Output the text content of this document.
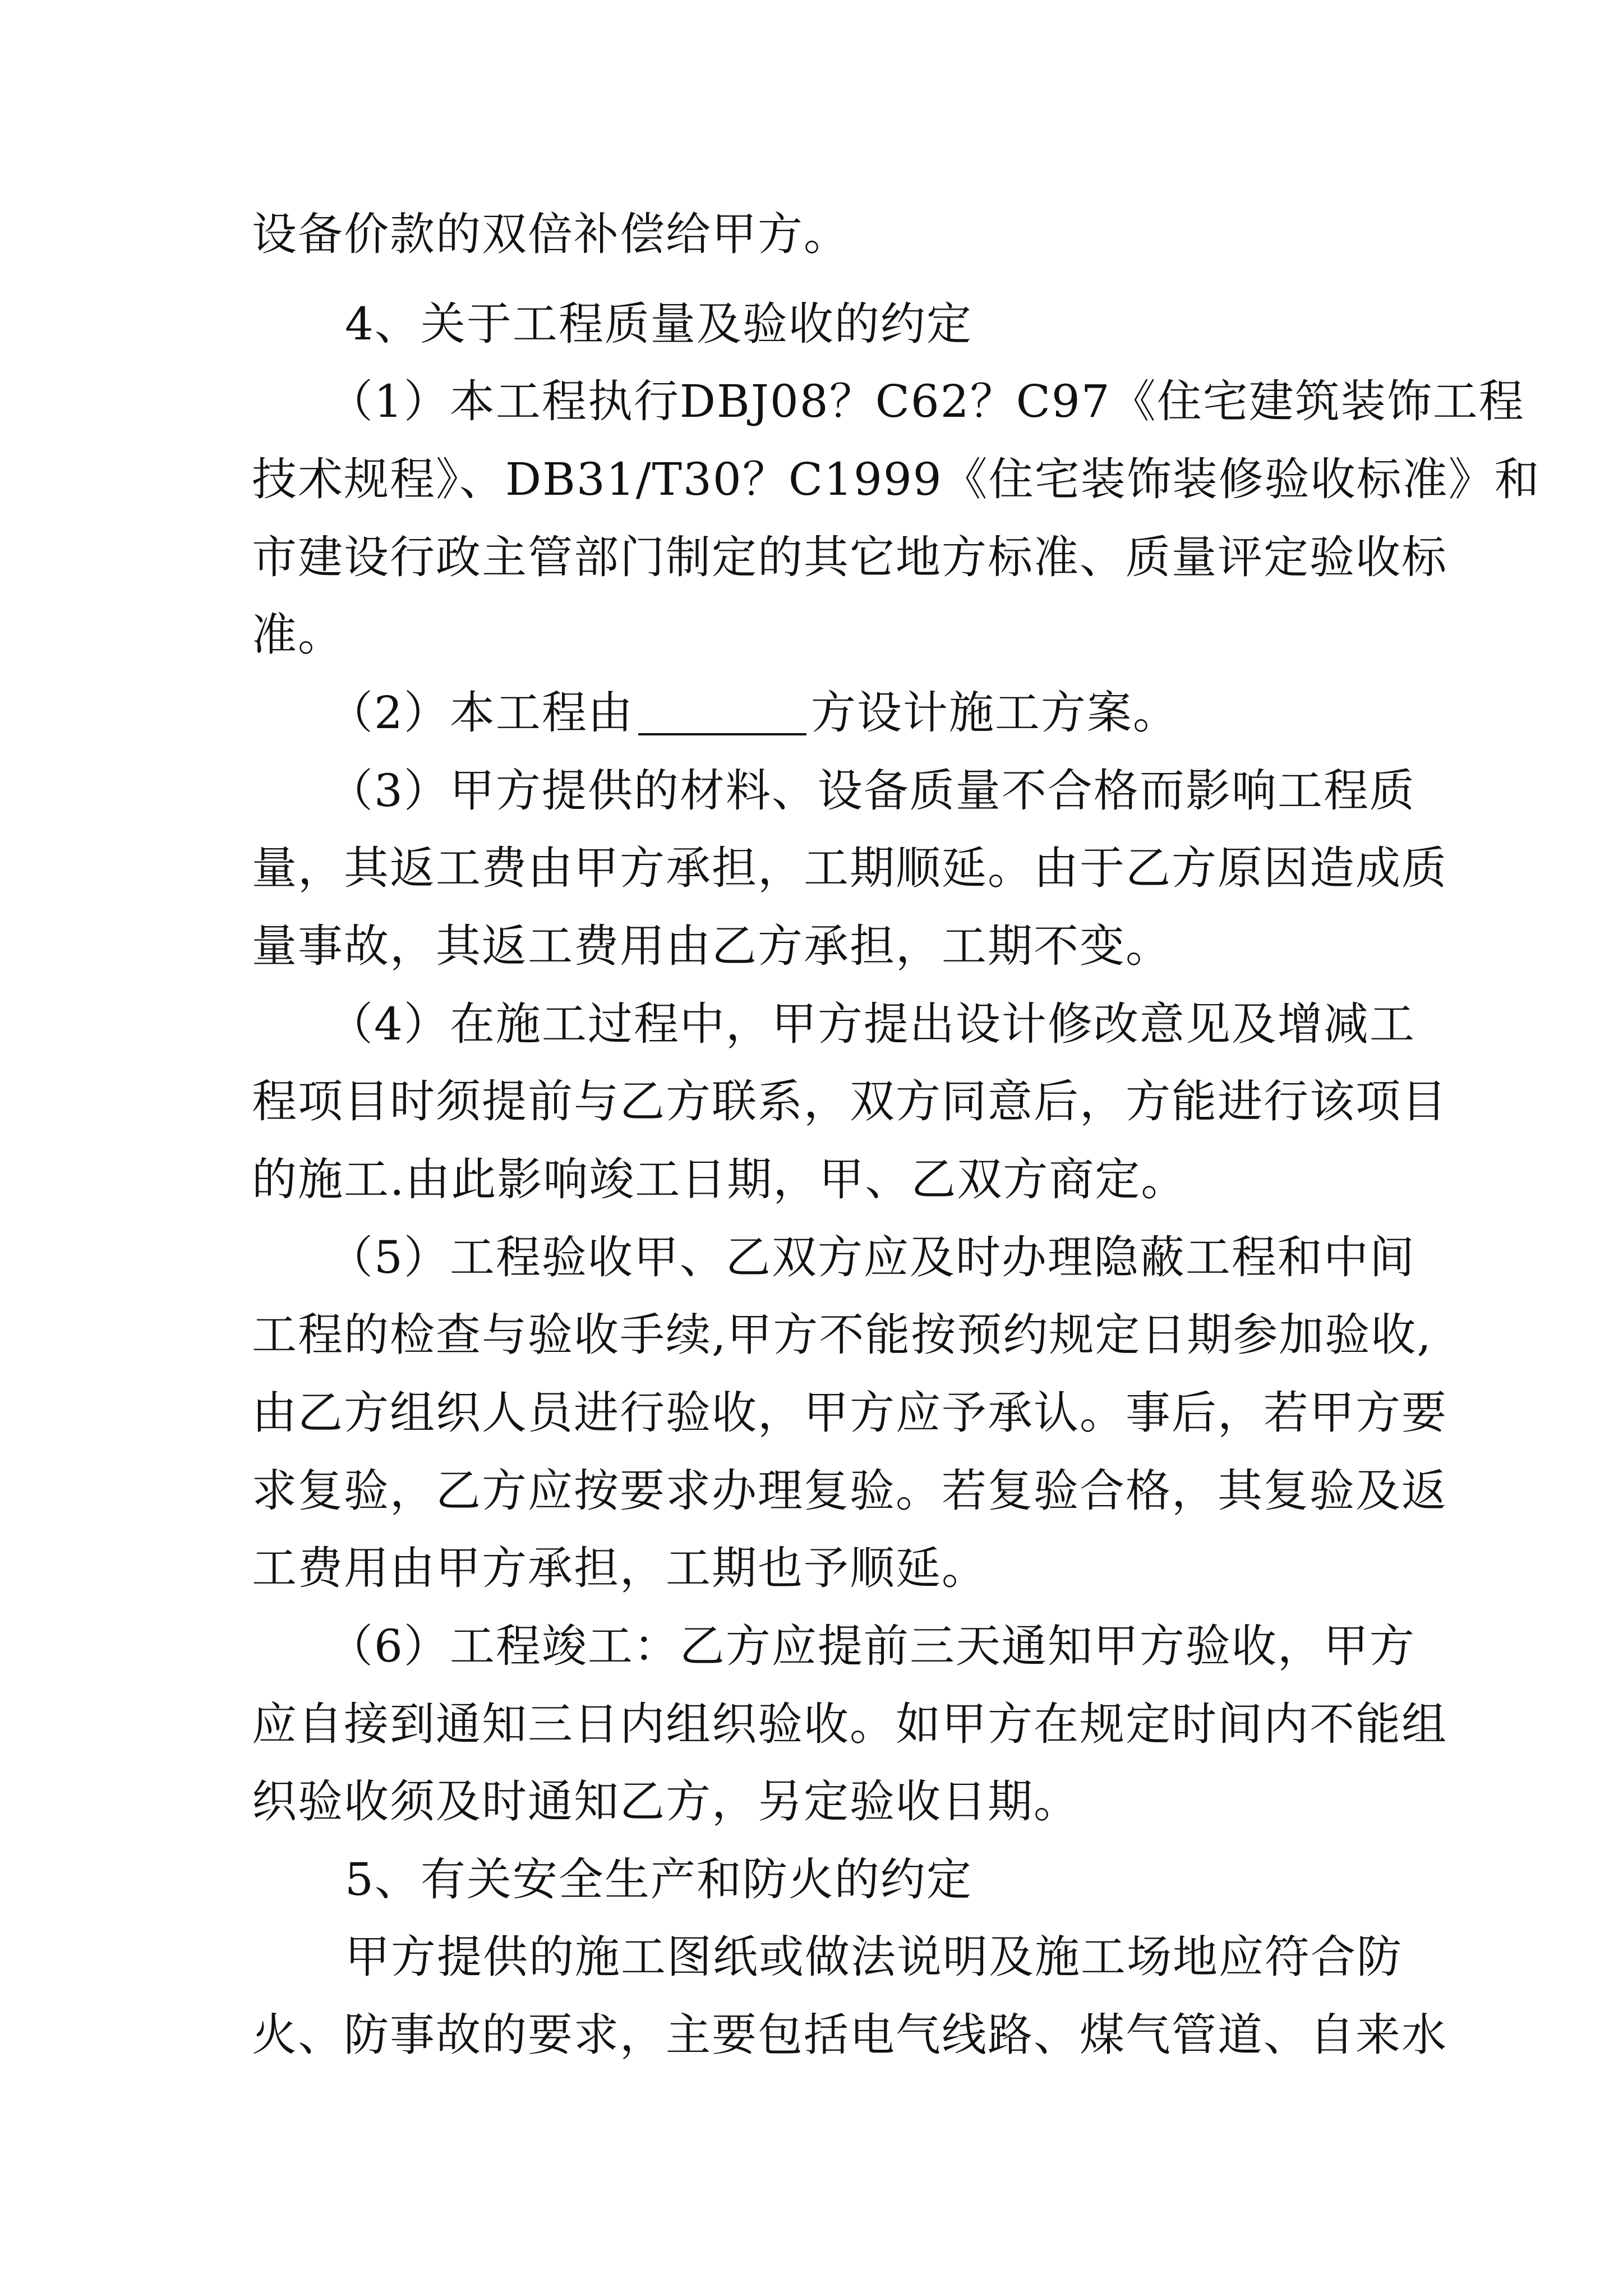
设备价款的双倍补偿给甲方。
4、关于工程质量及验收的约定
（1）本工程执行DBJ08？C62？C97《住宅建筑装饰工程
技术规程》、DB31/T30？C1999《住宅装饰装修验收标准》和
市建设行政主管部门制定的其它地方标准、质量评定验收标
准。
（2）本工程由	方设计施工方案。
（3）甲方提供的材料、设备质量不合格而影响工程质
量，其返工费由甲方承担，工期顺延。由于乙方原因造成质
量事故，其返工费用由乙方承担，工期不变。
（4）在施工过程中，甲方提出设计修改意见及增减工
程项目时须提前与乙方联系，双方同意后，方能进行该项目
的施工.由此影响竣工日期，甲、乙双方商定。
（5）工程验收甲、乙双方应及时办理隐蔽工程和中间
工程的检查与验收手续,甲方不能按预约规定日期参加验收,
由乙方组织人员进行验收，甲方应予承认。事后，若甲方要
求复验，乙方应按要求办理复验。若复验合格，其复验及返
工费用由甲方承担，工期也予顺延。
（6）工程竣工：乙方应提前三天通知甲方验收，甲方
应自接到通知三日内组织验收。如甲方在规定时间内不能组
织验收须及时通知乙方，另定验收日期。
5、有关安全生产和防火的约定
甲方提供的施工图纸或做法说明及施工场地应符合防
火、防事故的要求，主要包括电气线路、煤气管道、自来水
